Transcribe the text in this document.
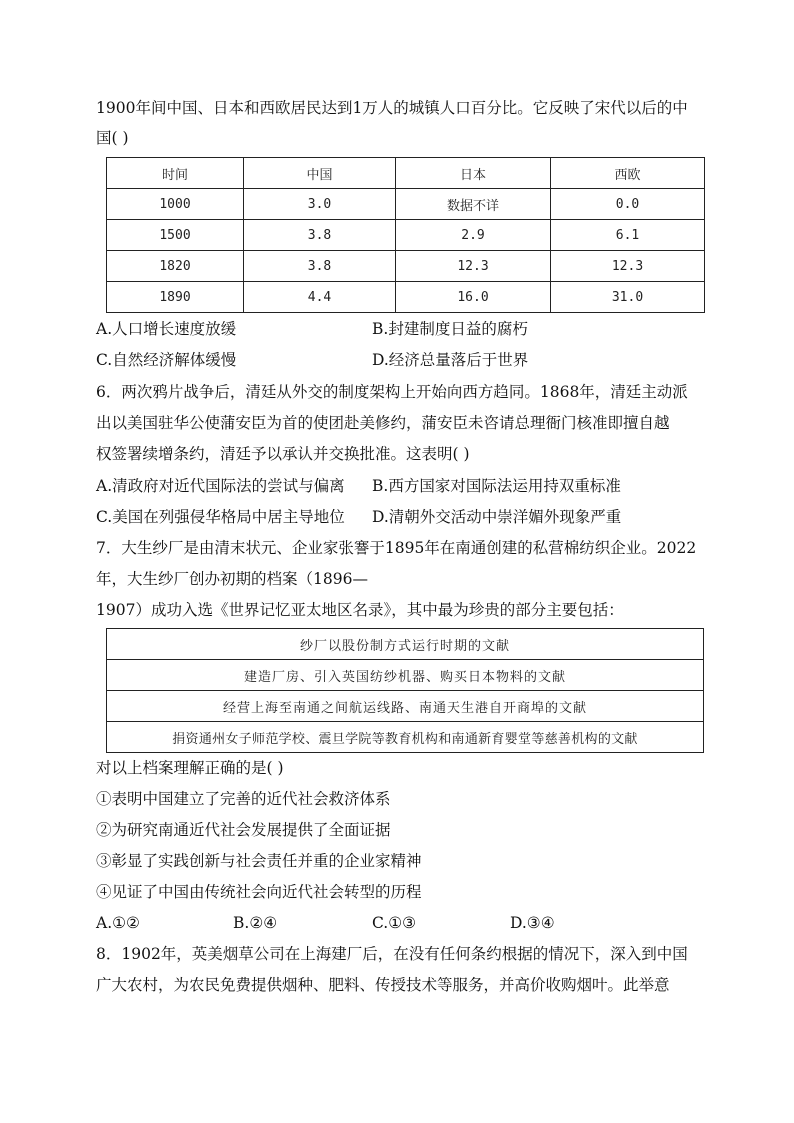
1900年间中国、日本和西欧居民达到1万人的城镇人口百分比。它反映了宋代以后的中
国( )
时间	中国	日本	西欧
1000	3.0	数据不详	0.0
1500	3.8	2.9	6.1
1820	3.8	12.3	12.3
1890	4.4	16.0	31.0
A.人口增长速度放缓	B.封建制度日益的腐朽
C.自然经济解体缓慢	D.经济总量落后于世界
6．两次鸦片战争后，清廷从外交的制度架构上开始向西方趋同。1868年，清廷主动派
出以美国驻华公使蒲安臣为首的使团赴美修约，蒲安臣未咨请总理衙门核准即擅自越
权签署续增条约，清廷予以承认并交换批准。这表明( )
A.清政府对近代国际法的尝试与偏离 B.西方国家对国际法运用持双重标准
C.美国在列强侵华格局中居主导地位 D.清朝外交活动中崇洋媚外现象严重
7．大生纱厂是由清末状元、企业家张謇于1895年在南通创建的私营棉纺织企业。2022
年，大生纱厂创办初期的档案（1896—
1907）成功入选《世界记忆亚太地区名录》，其中最为珍贵的部分主要包括：
纱厂以股份制方式运行时期的文献
建造厂房、引入英国纺纱机器、购买日本物料的文献
经营上海至南通之间航运线路、南通天生港自开商埠的文献
捐资通州女子师范学校、震旦学院等教育机构和南通新育婴堂等慈善机构的文献
对以上档案理解正确的是( )
①表明中国建立了完善的近代社会救济体系
②为研究南通近代社会发展提供了全面证据
③彰显了实践创新与社会责任并重的企业家精神
④见证了中国由传统社会向近代社会转型的历程
A.①②	B.②④	C.①③	D.③④
8．1902年，英美烟草公司在上海建厂后，在没有任何条约根据的情况下，深入到中国
广大农村，为农民免费提供烟种、肥料、传授技术等服务，并高价收购烟叶。此举意
